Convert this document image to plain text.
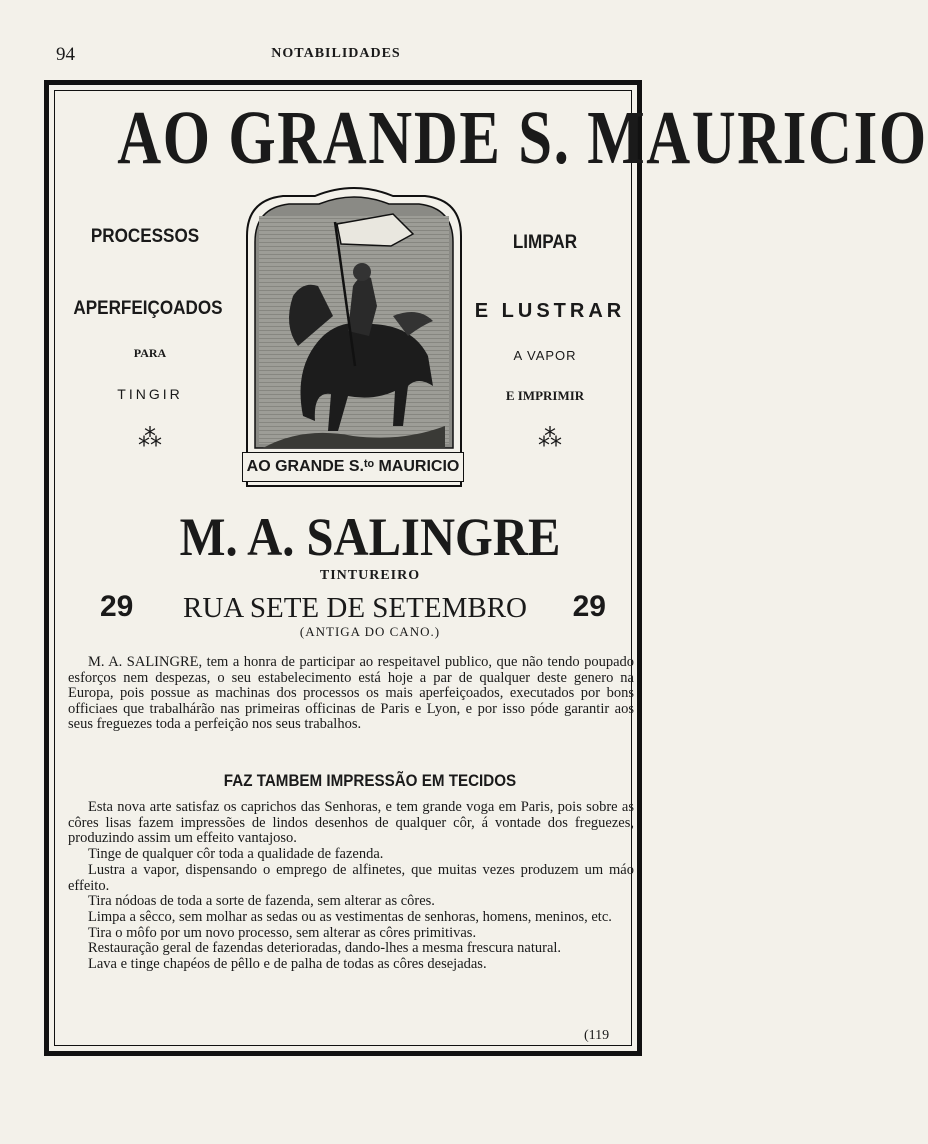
94	NOTABILIDADES
AO GRANDE S. MAURICIO
PROCESSOS
APERFEIÇOADOS
PARA
TINGIR
⁂
LIMPAR
E LUSTRAR
A VAPOR
E IMPRIMIR
⁂
AO GRANDE S.ᵗᵒ MAURICIO
M. A. SALINGRE
TINTUREIRO
29	RUA SETE DE SETEMBRO	29
(ANTIGA DO CANO.)
M. A. SALINGRE, tem a honra de participar ao respeitavel publico, que não tendo poupado esforços nem despezas, o seu estabelecimento está hoje a par de qualquer deste genero na Europa, pois possue as machinas dos processos os mais aperfeiçoados, executados por bons officiaes que trabalhárão nas primeiras officinas de Paris e Lyon, e por isso póde garantir aos seus freguezes toda a perfeição nos seus trabalhos.
FAZ TAMBEM IMPRESSÃO EM TECIDOS

Esta nova arte satisfaz os caprichos das Senhoras, e tem grande voga em Paris, pois sobre as côres lisas fazem impressões de lindos desenhos de qualquer côr, á vontade dos freguezes, produzindo assim um effeito vantajoso.

Tinge de qualquer côr toda a qualidade de fazenda.

Lustra a vapor, dispensando o emprego de alfinetes, que muitas vezes produzem um máo effeito.

Tira nódoas de toda a sorte de fazenda, sem alterar as côres.

Limpa a sêcco, sem molhar as sedas ou as vestimentas de senhoras, homens, meninos, etc.

Tira o môfo por um novo processo, sem alterar as côres primitivas.

Restauração geral de fazendas deterioradas, dando-lhes a mesma frescura natural.

Lava e tinge chapéos de pêllo e de palha de todas as côres desejadas.

(119
